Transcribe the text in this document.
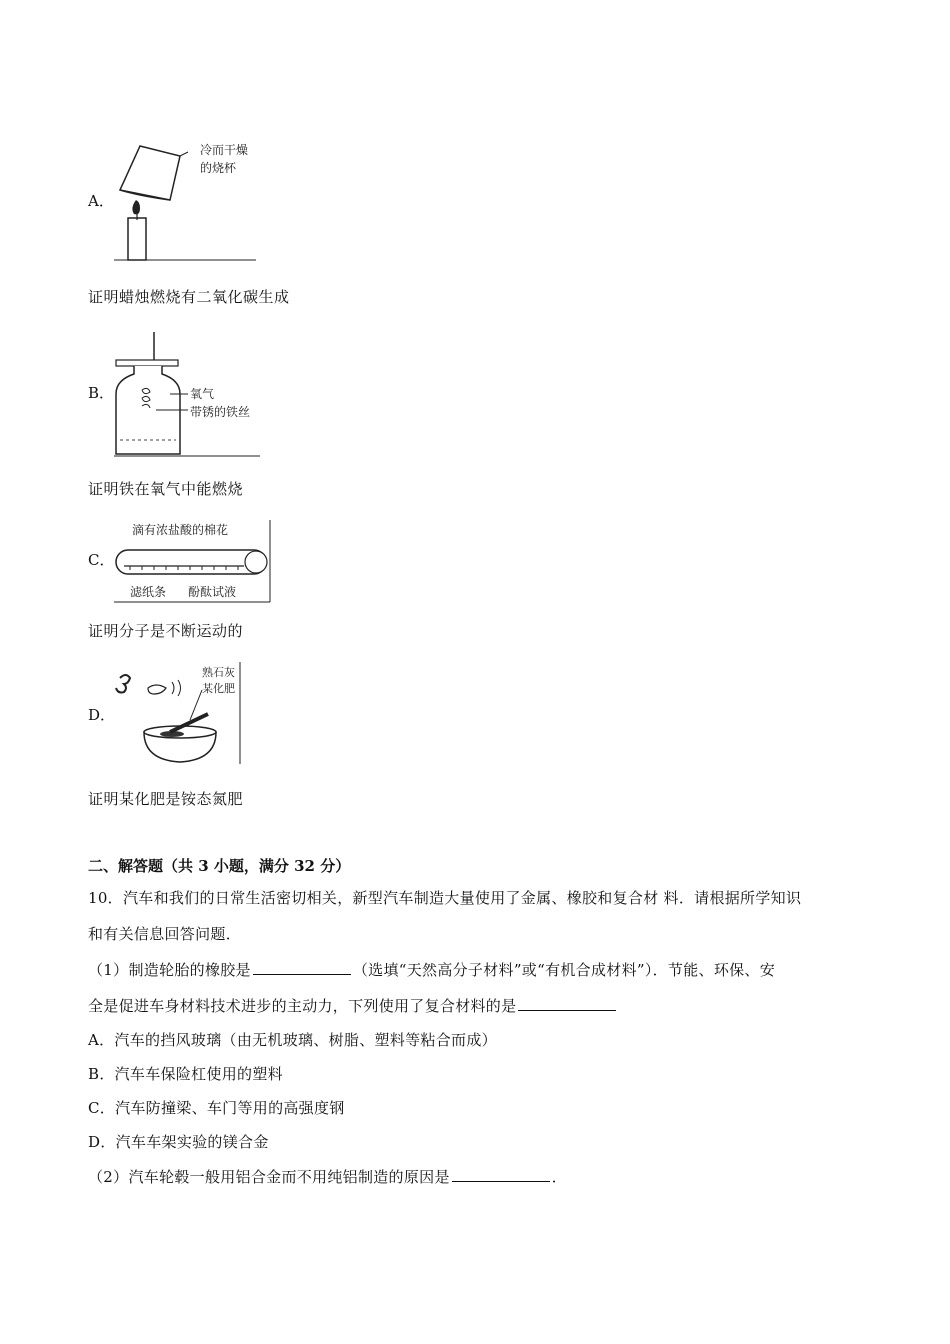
A．
冷而干燥
的烧杯
证明蜡烛燃烧有二氧化碳生成
B．	氧气
带锈的铁丝
证明铁在氧气中能燃烧
C．
滴有浓盐酸的棉花
滤纸条 酚酞试液
证明分子是不断运动的
D．
熟石灰
某化肥
证明某化肥是铵态氮肥
二、解答题（共 3 小题，满分 32 分）
10．汽车和我们的日常生活密切相关，新型汽车制造大量使用了金属、橡胶和复合材 料．请根据所学知识
和有关信息回答问题．
（1）制造轮胎的橡胶是	（选填“天然高分子材料”或“有机合成材料”）．节能、环保、安
全是促进车身材料技术进步的主动力，下列使用了复合材料的是
A．汽车的挡风玻璃（由无机玻璃、树脂、塑料等粘合而成）
B．汽车车保险杠使用的塑料
C．汽车防撞梁、车门等用的高强度钢
D．汽车车架实验的镁合金
（2）汽车轮毂一般用铝合金而不用纯铝制造的原因是	．
